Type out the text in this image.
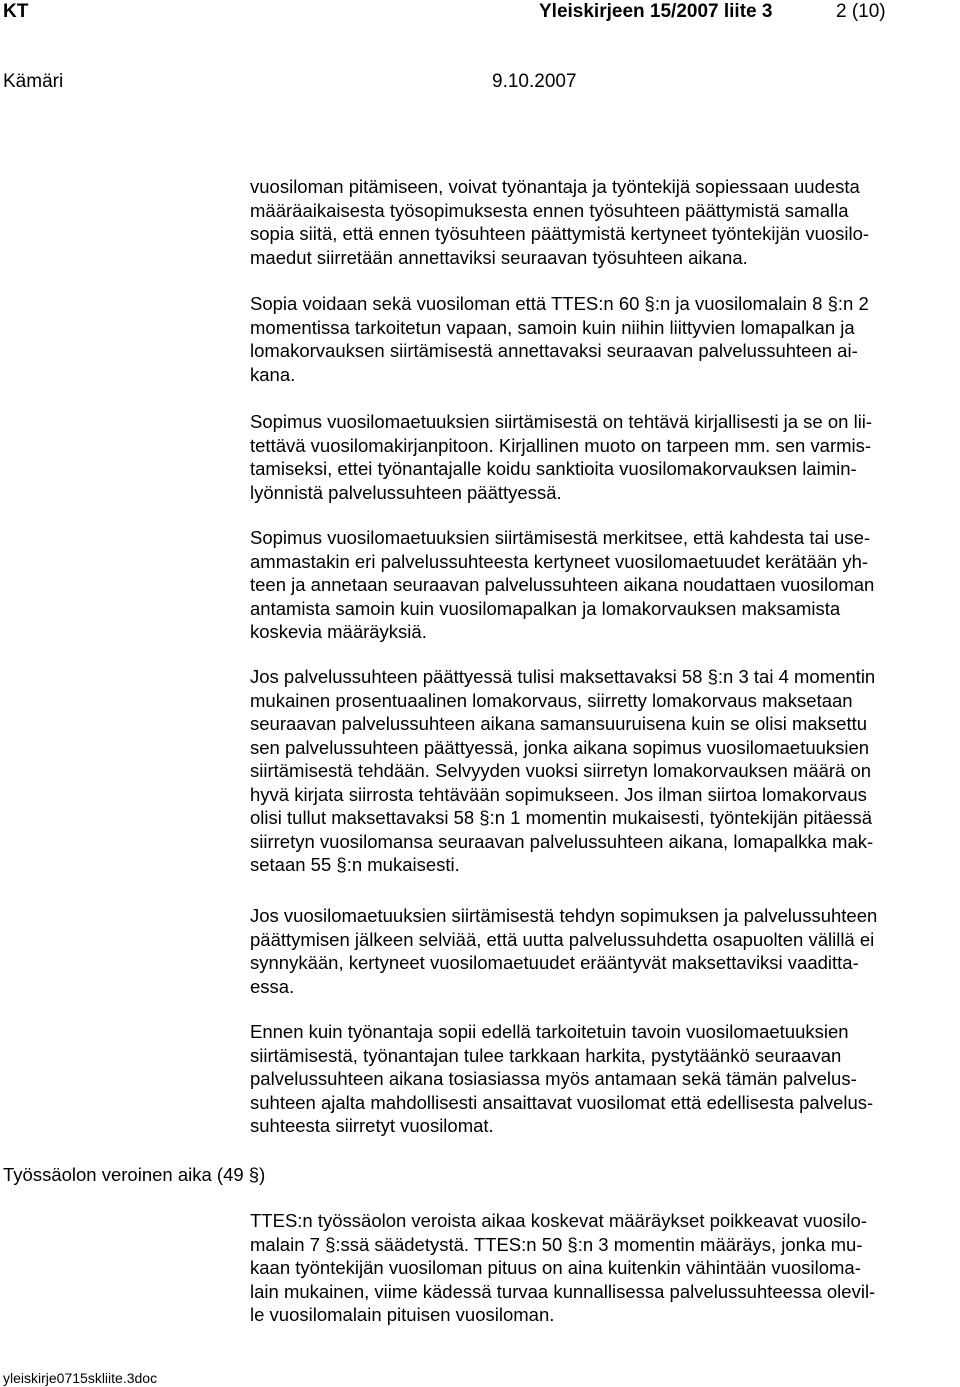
KT	Yleiskirjeen 15/2007 liite 3	2 (10)
Kämäri	9.10.2007
vuosiloman pitämiseen, voivat työnantaja ja työntekijä sopiessaan uudesta
määräaikaisesta työsopimuksesta ennen työsuhteen päättymistä samalla
sopia siitä, että ennen työsuhteen päättymistä kertyneet työntekijän vuosilo-
maedut siirretään annettaviksi seuraavan työsuhteen aikana.
Sopia voidaan sekä vuosiloman että TTES:n 60 §:n ja vuosilomalain 8 §:n 2
momentissa tarkoitetun vapaan, samoin kuin niihin liittyvien lomapalkan ja
lomakorvauksen siirtämisestä annettavaksi seuraavan palvelussuhteen ai-
kana.
Sopimus vuosilomaetuuksien siirtämisestä on tehtävä kirjallisesti ja se on lii-
tettävä vuosilomakirjanpitoon. Kirjallinen muoto on tarpeen mm. sen varmis-
tamiseksi, ettei työnantajalle koidu sanktioita vuosilomakorvauksen laimin-
lyönnistä palvelussuhteen päättyessä.
Sopimus vuosilomaetuuksien siirtämisestä merkitsee, että kahdesta tai use-
ammastakin eri palvelussuhteesta kertyneet vuosilomaetuudet kerätään yh-
teen ja annetaan seuraavan palvelussuhteen aikana noudattaen vuosiloman
antamista samoin kuin vuosilomapalkan ja lomakorvauksen maksamista
koskevia määräyksiä.
Jos palvelussuhteen päättyessä tulisi maksettavaksi 58 §:n 3 tai 4 momentin
mukainen prosentuaalinen lomakorvaus, siirretty lomakorvaus maksetaan
seuraavan palvelussuhteen aikana samansuuruisena kuin se olisi maksettu
sen palvelussuhteen päättyessä, jonka aikana sopimus vuosilomaetuuksien
siirtämisestä tehdään. Selvyyden vuoksi siirretyn lomakorvauksen määrä on
hyvä kirjata siirrosta tehtävään sopimukseen. Jos ilman siirtoa lomakorvaus
olisi tullut maksettavaksi 58 §:n 1 momentin mukaisesti, työntekijän pitäessä
siirretyn vuosilomansa seuraavan palvelussuhteen aikana, lomapalkka mak-
setaan 55 §:n mukaisesti.
Jos vuosilomaetuuksien siirtämisestä tehdyn sopimuksen ja palvelussuhteen
päättymisen jälkeen selviää, että uutta palvelussuhdetta osapuolten välillä ei
synnykään, kertyneet vuosilomaetuudet erääntyvät maksettaviksi vaaditta-
essa.
Ennen kuin työnantaja sopii edellä tarkoitetuin tavoin vuosilomaetuuksien
siirtämisestä, työnantajan tulee tarkkaan harkita, pystytäänkö seuraavan
palvelussuhteen aikana tosiasiassa myös antamaan sekä tämän palvelus-
suhteen ajalta mahdollisesti ansaittavat vuosilomat että edellisesta palvelus-
suhteesta siirretyt vuosilomat.
Työssäolon veroinen aika (49 §)
TTES:n työssäolon veroista aikaa koskevat määräykset poikkeavat vuosilo-
malain 7 §:ssä säädetystä. TTES:n 50 §:n 3 momentin määräys, jonka mu-
kaan työntekijän vuosiloman pituus on aina kuitenkin vähintään vuosiloma-
lain mukainen, viime kädessä turvaa kunnallisessa palvelussuhteessa olevil-
le vuosilomalain pituisen vuosiloman.
yleiskirje0715skliite.3doc
